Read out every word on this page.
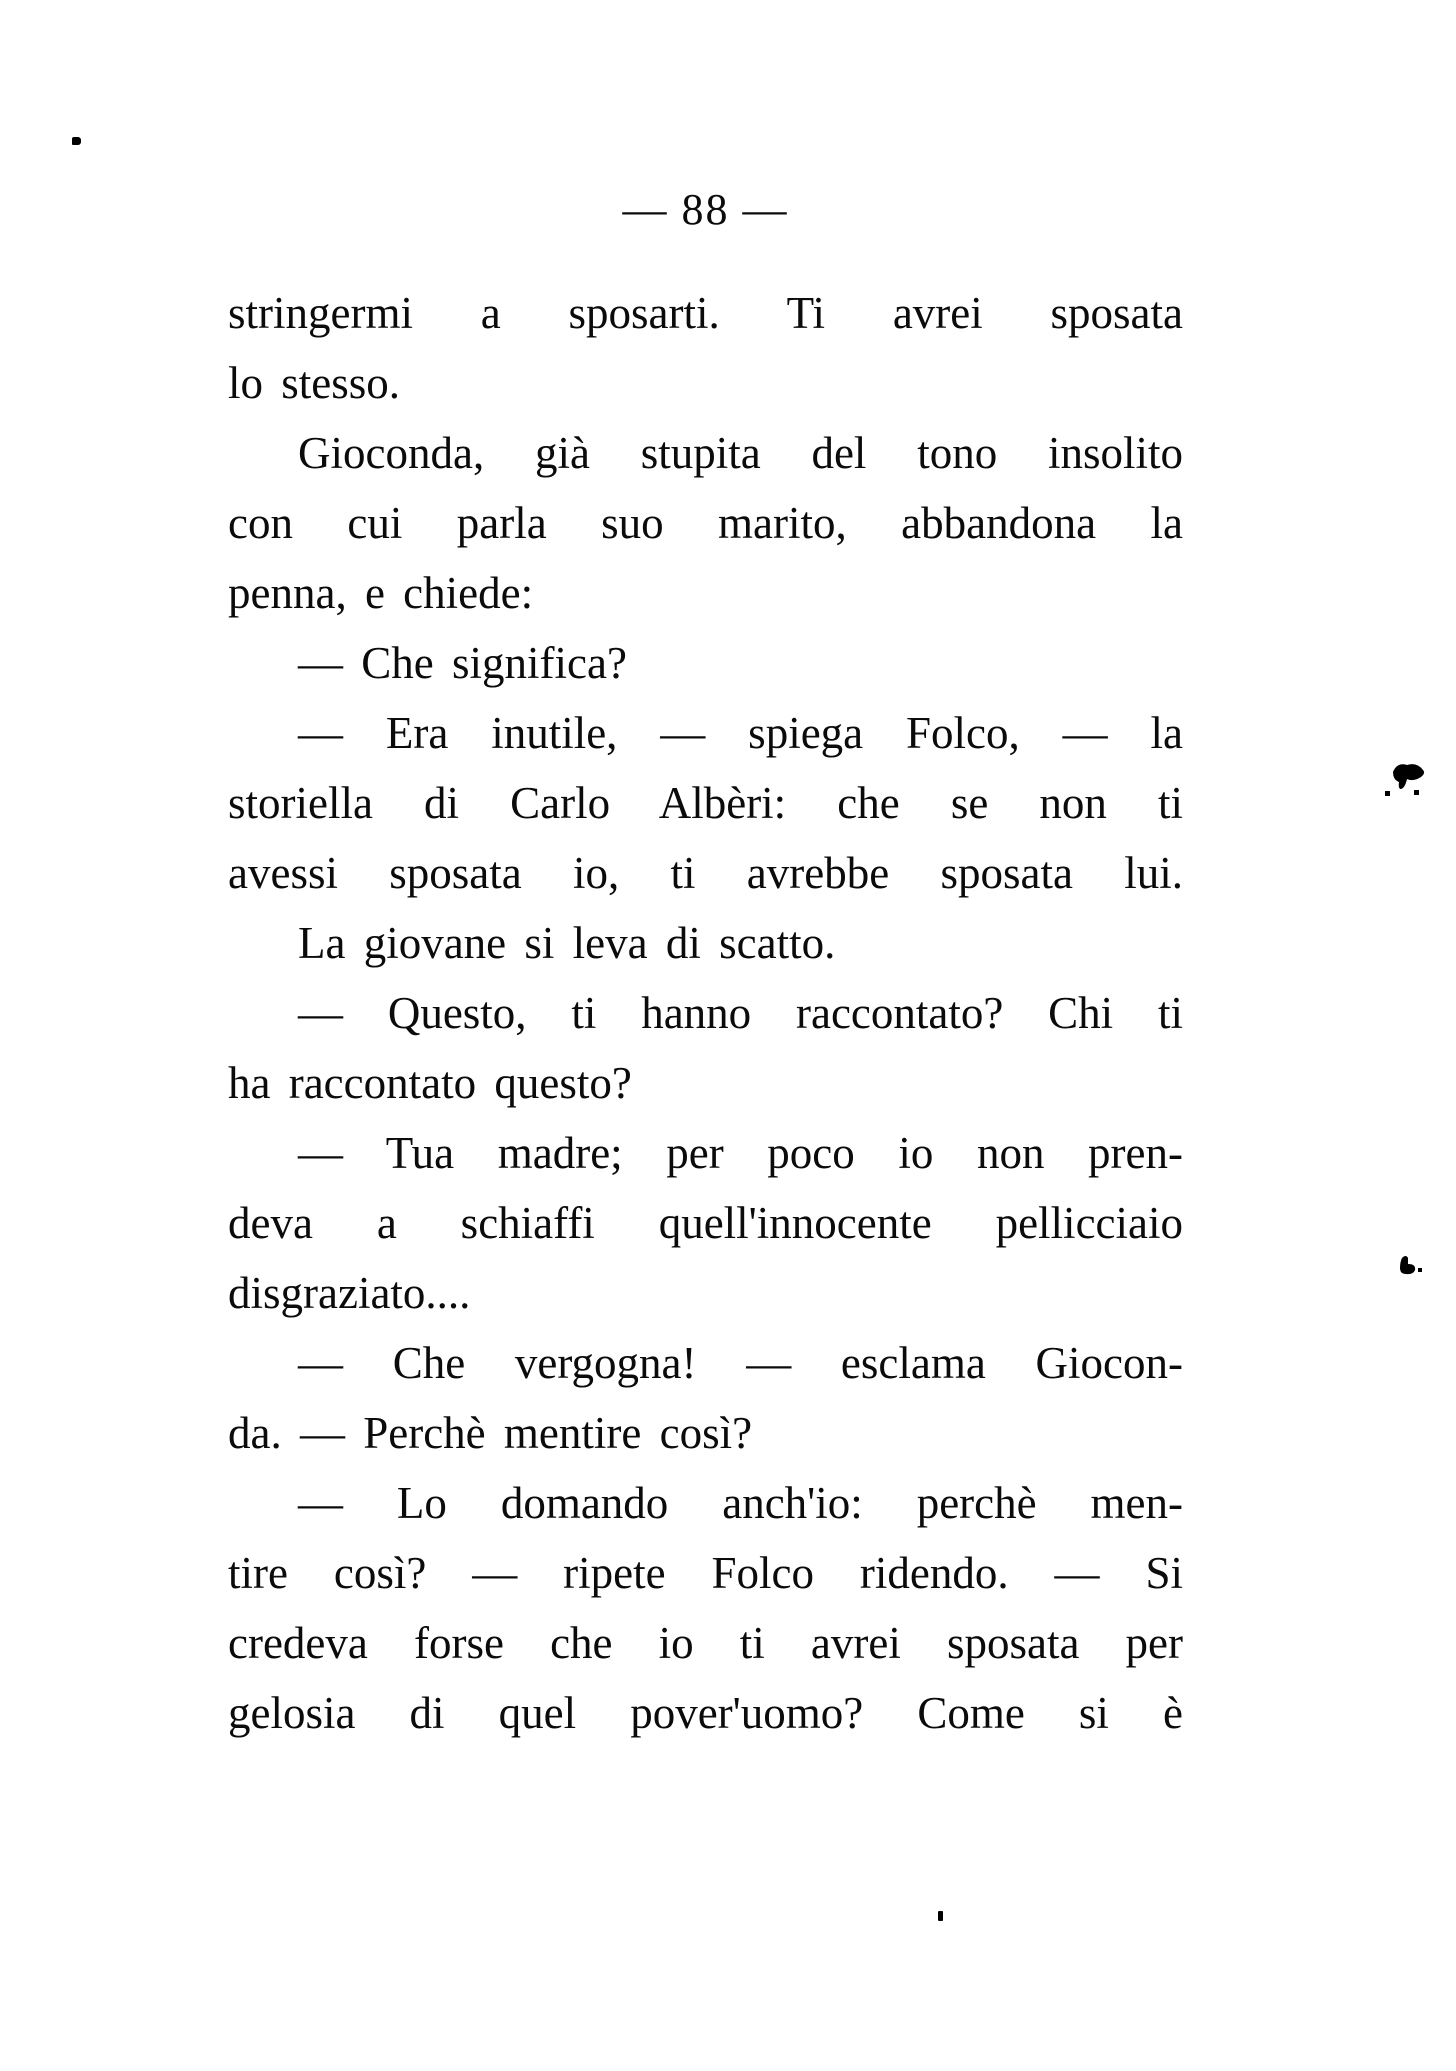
— 88 —
stringermi a sposarti. Ti avrei sposata
lo stesso.
Gioconda, già stupita del tono insolito
con cui parla suo marito, abbandona la
penna, e chiede:
— Che significa?
— Era inutile, — spiega Folco, — la
storiella di Carlo Albèri: che se non ti
avessi sposata io, ti avrebbe sposata lui.
La giovane si leva di scatto.
— Questo, ti hanno raccontato? Chi ti
ha raccontato questo?
— Tua madre; per poco io non pren-
deva a schiaffi quell'innocente pellicciaio
disgraziato....
— Che vergogna! — esclama Giocon-
da. — Perchè mentire così?
— Lo domando anch'io: perchè men-
tire così? — ripete Folco ridendo. — Si
credeva forse che io ti avrei sposata per
gelosia di quel pover'uomo? Come si è
